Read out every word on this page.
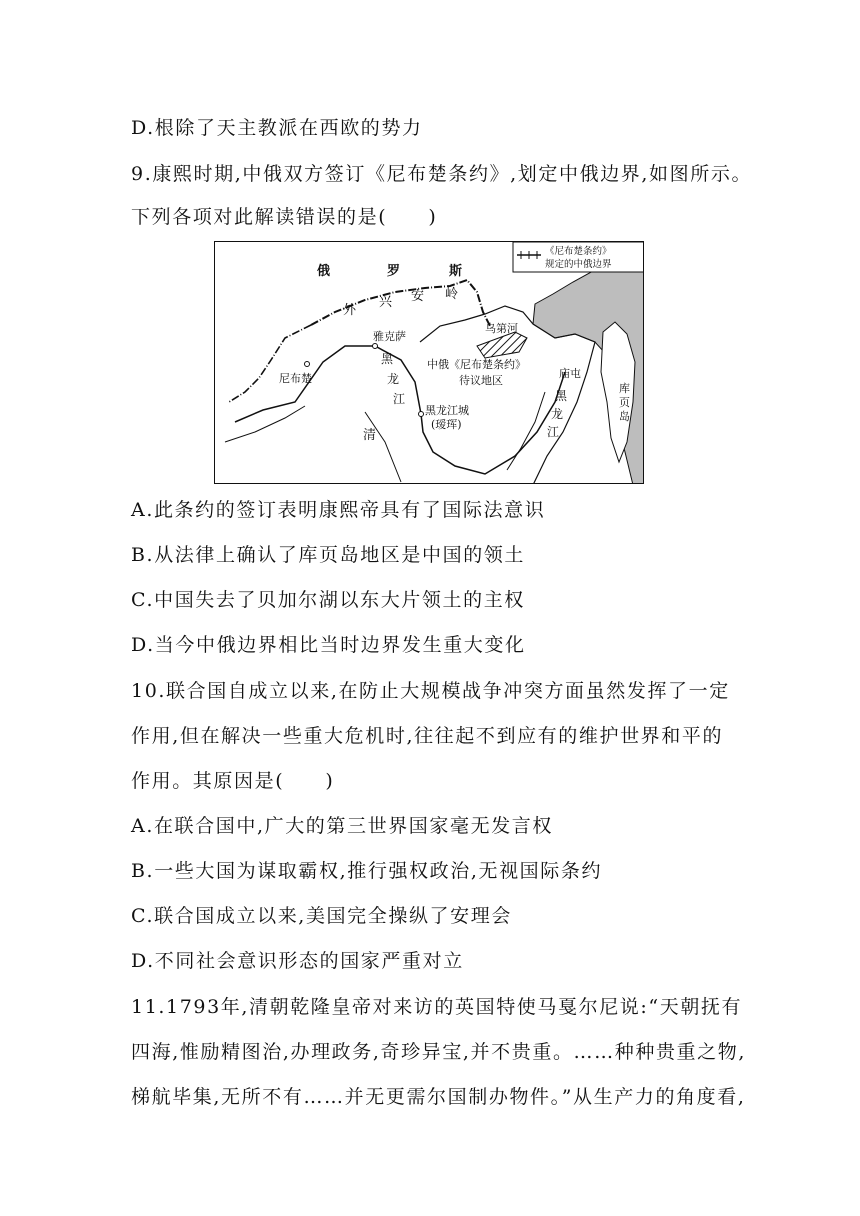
D.根除了天主教派在西欧的势力
9.康熙时期,中俄双方签订《尼布楚条约》,划定中俄边界,如图所示。
下列各项对此解读错误的是(　　)
《尼布楚条约》
规定的中俄边界
俄	罗	斯
外
兴 安 岭
雅克萨
尼布楚
黑
龙
江
乌第河
中俄《尼布楚条约》
待议地区
黑龙江城
(瑷珲)
清
庙屯
黑
龙
江
库
页
岛
A.此条约的签订表明康熙帝具有了国际法意识
B.从法律上确认了库页岛地区是中国的领土
C.中国失去了贝加尔湖以东大片领土的主权
D.当今中俄边界相比当时边界发生重大变化
10.联合国自成立以来,在防止大规模战争冲突方面虽然发挥了一定
作用,但在解决一些重大危机时,往往起不到应有的维护世界和平的
作用。其原因是(　　)
A.在联合国中,广大的第三世界国家毫无发言权
B.一些大国为谋取霸权,推行强权政治,无视国际条约
C.联合国成立以来,美国完全操纵了安理会
D.不同社会意识形态的国家严重对立
11.1793年,清朝乾隆皇帝对来访的英国特使马戛尔尼说:“天朝抚有
四海,惟励精图治,办理政务,奇珍异宝,并不贵重。……种种贵重之物,
梯航毕集,无所不有……并无更需尔国制办物件。”从生产力的角度看,
